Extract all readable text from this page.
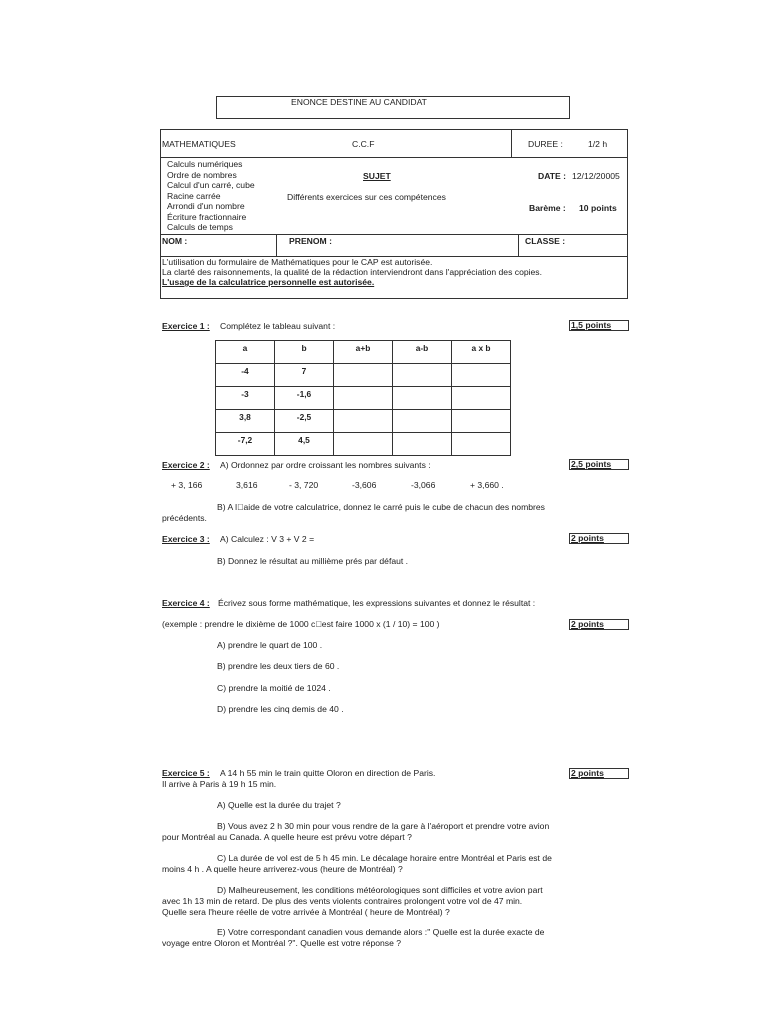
ENONCE DESTINE AU CANDIDAT
MATHEMATIQUES	C.C.F	DUREE :	1/2 h
Calculs numériques
Ordre de nombres
Calcul d'un carré, cube
Racine carrée
Arrondi d'un nombre
Écriture fractionnaire
Calculs de temps
SUJET
Différents exercices sur ces compétences
DATE : 12/12/20005
Barème : 10 points
NOM :	PRENOM :	CLASSE :
L'utilisation du formulaire de Mathématiques pour le CAP est autorisée.
La clarté des raisonnements, la qualité de la rédaction interviendront dans l'appréciation des copies.
L'usage de la calculatrice personnelle est autorisée.
Exercice 1 : Complétez le tableau suivant :	1,5 points
a	b	a+b	a-b	a x b
-4	7			
-3	-1,6			
3,8	-2,5			
-7,2	4,5			
Exercice 2 : A) Ordonnez par ordre croissant les nombres suivants :	2,5 points
+ 3, 166	3,616	- 3, 720	-3,606	-3,066	+ 3,660 .
B) A l aide de votre calculatrice, donnez le carré puis le cube de chacun des nombres
précédents.
Exercice 3 : A) Calculez : V 3 + V 2 =	2 points
B) Donnez le résultat au millième prés par défaut .
Exercice 4 : Écrivez sous forme mathématique, les expressions suivantes et donnez le résultat :
(exemple : prendre le dixième de 1000 c est faire 1000 x (1 / 10) = 100 )	2 points
A) prendre le quart de 100 .
B) prendre les deux tiers de 60 .
C) prendre la moitié de 1024 .
D) prendre les cinq demis de 40 .
Exercice 5 : A 14 h 55 min le train quitte Oloron en direction de Paris.
Il arrive à Paris à 19 h 15 min.
2 points
A) Quelle est la durée du trajet ?
B) Vous avez 2 h 30 min pour vous rendre de la gare à l'aéroport et prendre votre avion
pour Montréal au Canada. A quelle heure est prévu votre départ ?
C) La durée de vol est de 5 h 45 min. Le décalage horaire entre Montréal et Paris est de
moins 4 h . A quelle heure arriverez-vous (heure de Montréal) ?
D) Malheureusement, les conditions météorologiques sont difficiles et votre avion part
avec 1h 13 min de retard. De plus des vents violents contraires prolongent votre vol de 47 min.
Quelle sera l'heure réelle de votre arrivée à Montréal ( heure de Montréal) ?
E) Votre correspondant canadien vous demande alors :" Quelle est la durée exacte de
voyage entre Oloron et Montréal ?". Quelle est votre réponse ?
